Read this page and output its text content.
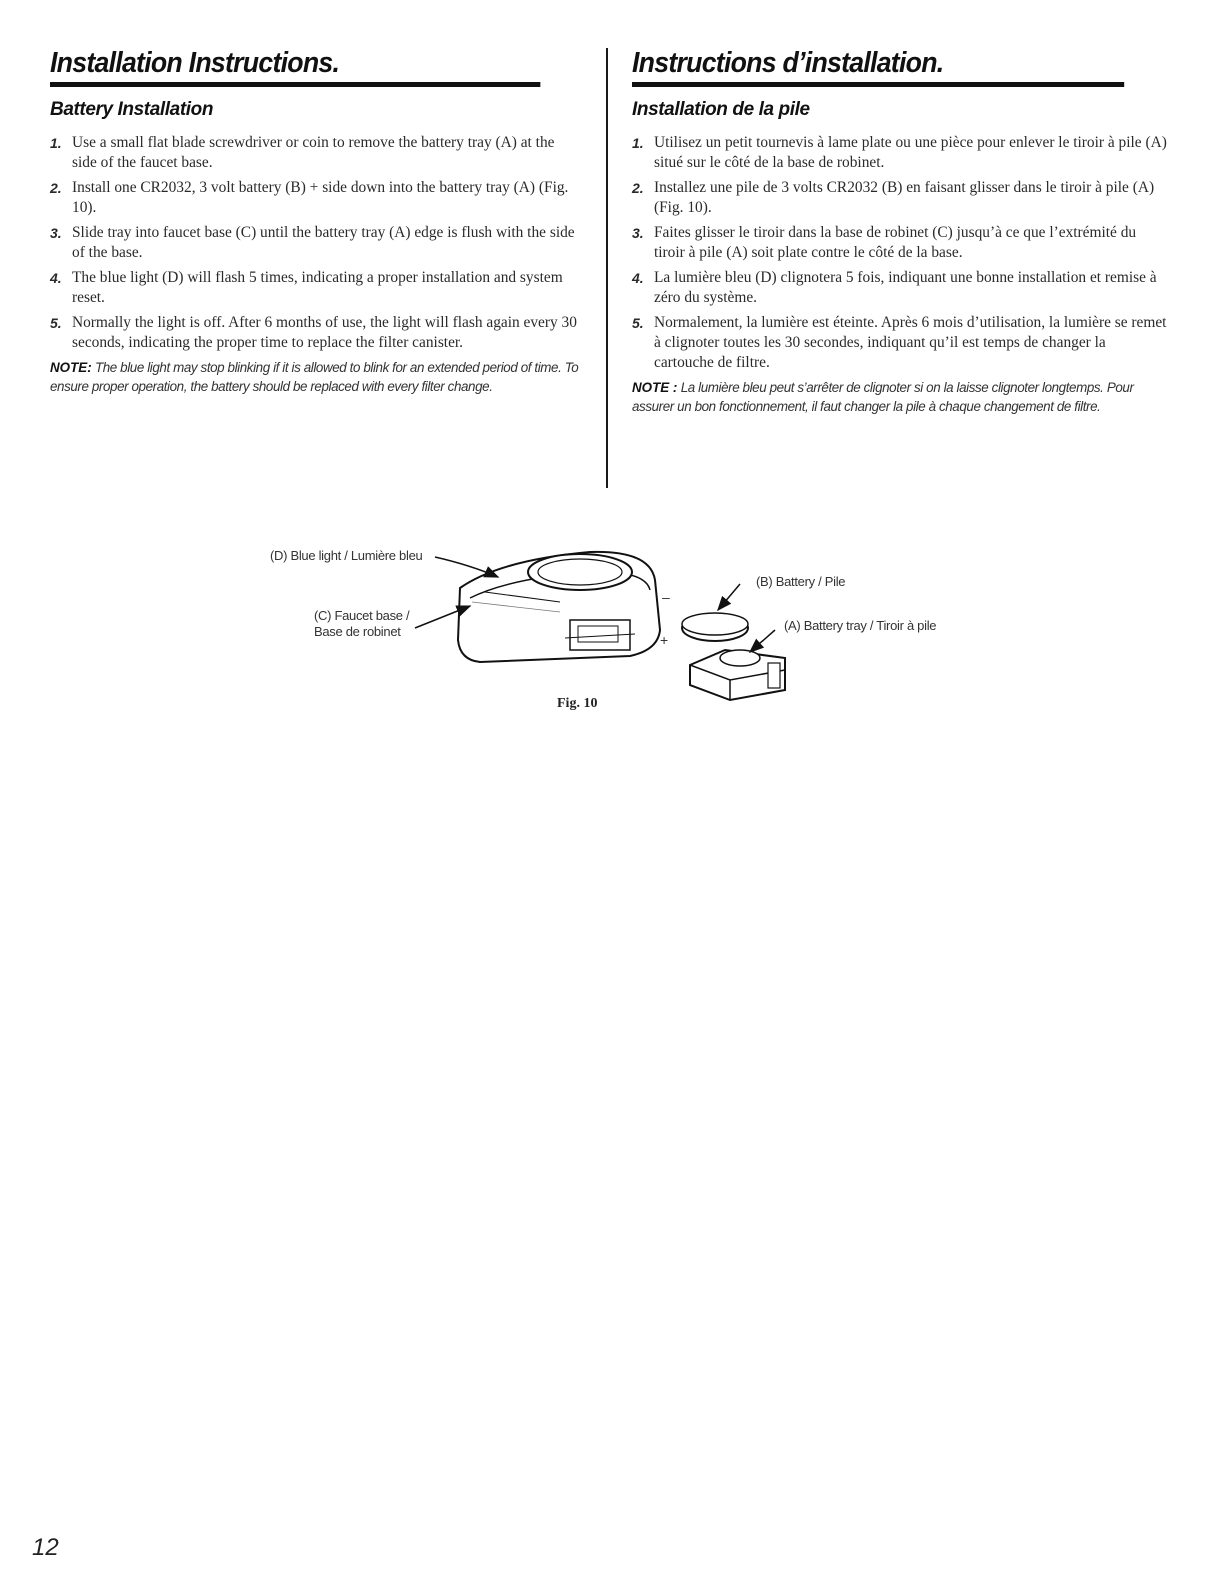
Installation Instructions.
Battery Installation
1. Use a small flat blade screwdriver or coin to remove the battery tray (A) at the side of the faucet base.
2. Install one CR2032, 3 volt battery (B) + side down into the battery tray (A) (Fig. 10).
3. Slide tray into faucet base (C) until the battery tray (A) edge is flush with the side of the base.
4. The blue light (D) will flash 5 times, indicating a proper installation and system reset.
5. Normally the light is off. After 6 months of use, the light will flash again every 30 seconds, indicating the proper time to replace the filter canister.
NOTE: The blue light may stop blinking if it is allowed to blink for an extended period of time. To ensure proper operation, the battery should be replaced with every filter change.
Instructions d’installation.
Installation de la pile
1. Utilisez un petit tournevis à lame plate ou une pièce pour enlever le tiroir à pile (A) situé sur le côté de la base de robinet.
2. Installez une pile de 3 volts CR2032 (B) en faisant glisser dans le tiroir à pile (A) (Fig. 10).
3. Faites glisser le tiroir dans la base de robinet (C) jusqu’à ce que l’extrémité du tiroir à pile (A) soit plate contre le côté de la base.
4. La lumière bleu (D) clignotera 5 fois, indiquant une bonne installation et remise à zéro du système.
5. Normalement, la lumière est éteinte. Après 6 mois d’utilisation, la lumière se remet à clignoter toutes les 30 secondes, indiquant qu’il est temps de changer la cartouche de filtre.
NOTE : La lumière bleu peut s’arrêter de clignoter si on la laisse clignoter longtemps. Pour assurer un bon fonctionnement, il faut changer la pile à chaque changement de filtre.
(D) Blue light / Lumière bleu
(C) Faucet base /
Base de robinet
(B) Battery / Pile
(A) Battery tray / Tiroir à pile
–
+
Fig. 10
12
